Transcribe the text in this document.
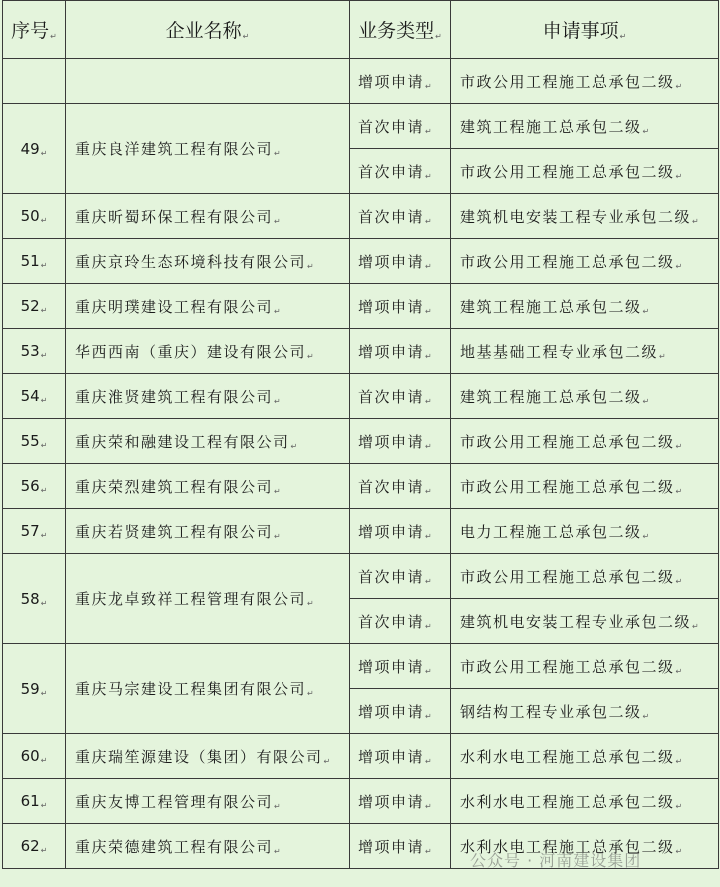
序号↵	企业名称↵	业务类型↵	申请事项↵
		增项申请↵	市政公用工程施工总承包二级↵
49↵	重庆良洋建筑工程有限公司↵	首次申请↵	建筑工程施工总承包二级↵
		首次申请↵	市政公用工程施工总承包二级↵
50↵	重庆昕蜀环保工程有限公司↵	首次申请↵	建筑机电安装工程专业承包二级↵
51↵	重庆京玲生态环境科技有限公司↵	增项申请↵	市政公用工程施工总承包二级↵
52↵	重庆明璞建设工程有限公司↵	增项申请↵	建筑工程施工总承包二级↵
53↵	华西西南（重庆）建设有限公司↵	增项申请↵	地基基础工程专业承包二级↵
54↵	重庆淮贤建筑工程有限公司↵	首次申请↵	建筑工程施工总承包二级↵
55↵	重庆荣和融建设工程有限公司↵	增项申请↵	市政公用工程施工总承包二级↵
56↵	重庆荣烈建筑工程有限公司↵	首次申请↵	市政公用工程施工总承包二级↵
57↵	重庆若贤建筑工程有限公司↵	增项申请↵	电力工程施工总承包二级↵
58↵	重庆龙卓致祥工程管理有限公司↵	首次申请↵	市政公用工程施工总承包二级↵
		首次申请↵	建筑机电安装工程专业承包二级↵
59↵	重庆马宗建设工程集团有限公司↵	增项申请↵	市政公用工程施工总承包二级↵
		增项申请↵	钢结构工程专业承包二级↵
60↵	重庆瑞笙源建设（集团）有限公司↵	增项申请↵	水利水电工程施工总承包二级↵
61↵	重庆友博工程管理有限公司↵	增项申请↵	水利水电工程施工总承包二级↵
62↵	重庆荣德建筑工程有限公司↵	增项申请↵	水利水电工程施工总承包二级↵
公众号 · 河南建设集团
